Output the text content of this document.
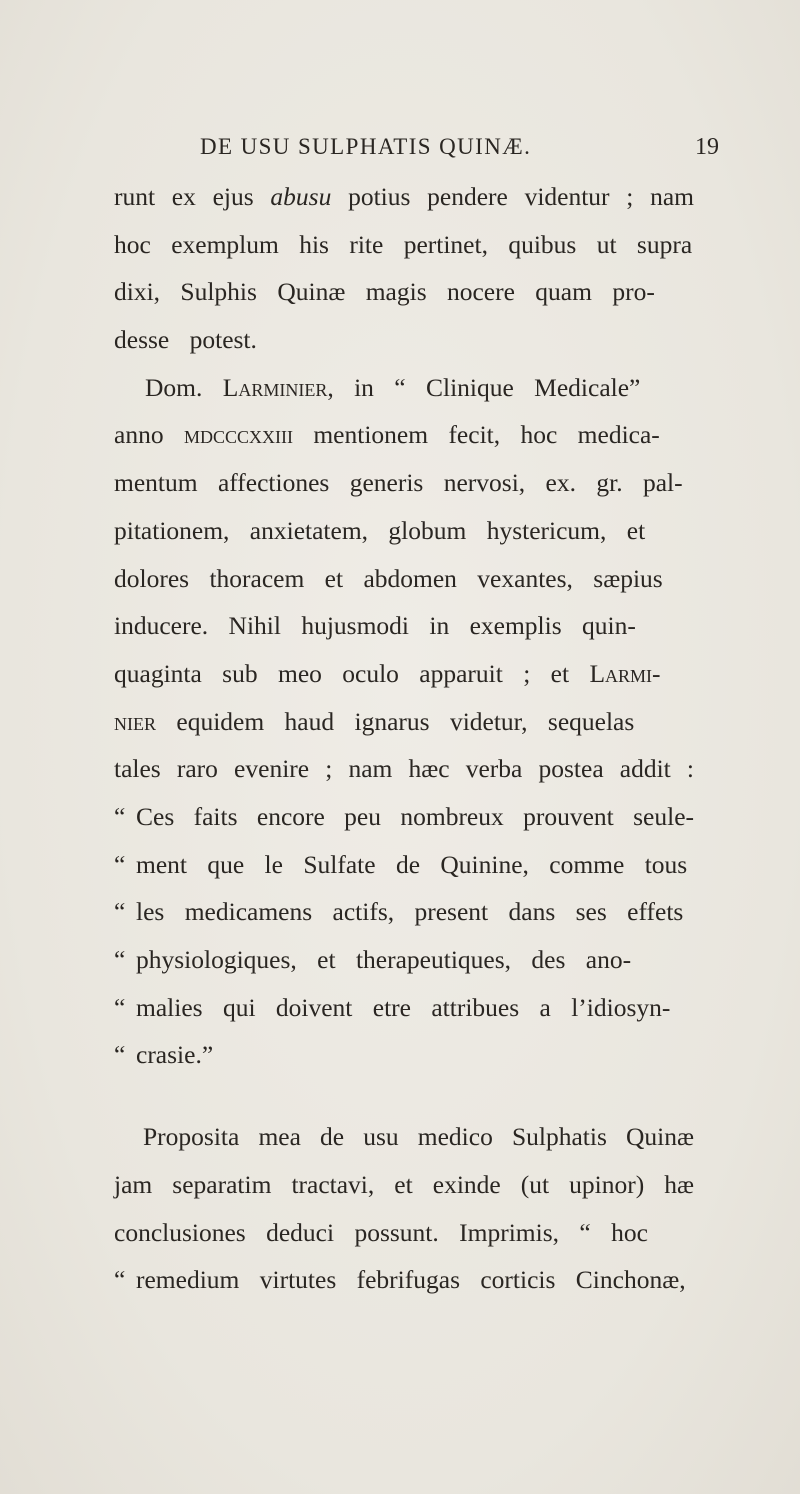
DE USU SULPHATIS QUINÆ.	19
runt ex ejus abusu potius pendere videntur ; nam
hoc exemplum his rite pertinet, quibus ut supra
dixi, Sulphis Quinæ magis nocere quam pro-
desse potest.
Dom. Larminier, in “ Clinique Medicale”
anno mdcccxxiii mentionem fecit, hoc medica-
mentum affectiones generis nervosi, ex. gr. pal-
pitationem, anxietatem, globum hystericum, et
dolores thoracem et abdomen vexantes, sæpius
inducere. Nihil hujusmodi in exemplis quin-
quaginta sub meo oculo apparuit ; et Larmi-
nier equidem haud ignarus videtur, sequelas
tales raro evenire ; nam hæc verba postea addit :
“ Ces faits encore peu nombreux prouvent seule-
“ ment que le Sulfate de Quinine, comme tous
“ les medicamens actifs, present dans ses effets
“ physiologiques, et therapeutiques, des ano-
“ malies qui doivent etre attribues a l’idiosyn-
“ crasie.”
Proposita mea de usu medico Sulphatis Quinæ
jam separatim tractavi, et exinde (ut upinor) hæ
conclusiones deduci possunt. Imprimis, “ hoc
“ remedium virtutes febrifugas corticis Cinchonæ,
